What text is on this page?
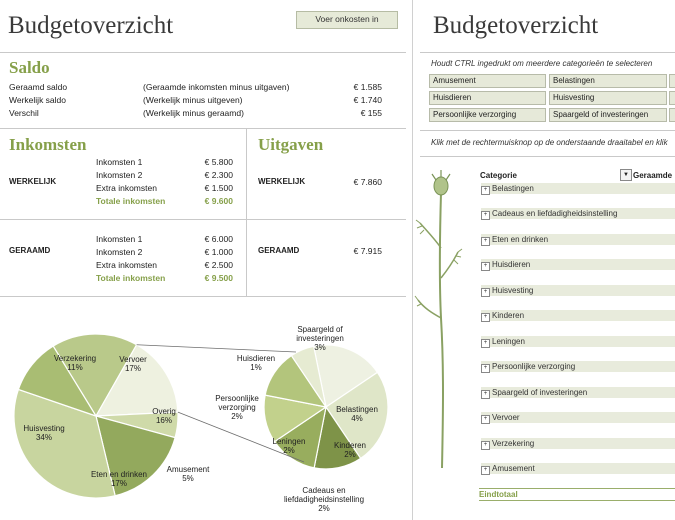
Budgetoverzicht	Voer onkosten in
Saldo
Geraamd saldo	(Geraamde inkomsten minus uitgaven)	€ 1.585
Werkelijk saldo	(Werkelijk minus uitgeven)	€ 1.740
Verschil	(Werkelijk minus geraamd)	€ 155
Inkomsten
WERKELIJK
Inkomsten 1	€ 5.800
Inkomsten 2	€ 2.300
Extra inkomsten	€ 1.500
Totale inkomsten	€ 9.600
GERAAMD
Inkomsten 1	€ 6.000
Inkomsten 2	€ 1.000
Extra inkomsten	€ 2.500
Totale inkomsten	€ 9.500
Uitgaven
WERKELIJK	€ 7.860
GERAAMD	€ 7.915
Verzekering
11%
Vervoer
17%
Overig
16%
Huisvesting
34%
Eten en drinken
17%
Amusement
5%
Spaargeld of investeringen
3%
Huisdieren
1%
Persoonlijke verzorging
2%
Belastingen
4%
Leningen
2%
Kinderen
2%
Cadeaus en liefdadigheidsinstelling
2%
Budgetoverzicht
Houdt CTRL ingedrukt om meerdere categorieën te selecteren
Amusement	Belastingen
Huisdieren	Huisvesting
Persoonlijke verzorging	Spaargeld of investeringen
Klik met de rechtermuisknop op de onderstaande draaitabel en klik
Categorie	▼ Geraamde
+ Belastingen
+ Cadeaus en liefdadigheidsinstelling
+ Eten en drinken
+ Huisdieren
+ Huisvesting
+ Kinderen
+ Leningen
+ Persoonlijke verzorging
+ Spaargeld of investeringen
+ Vervoer
+ Verzekering
+ Amusement
Eindtotaal
